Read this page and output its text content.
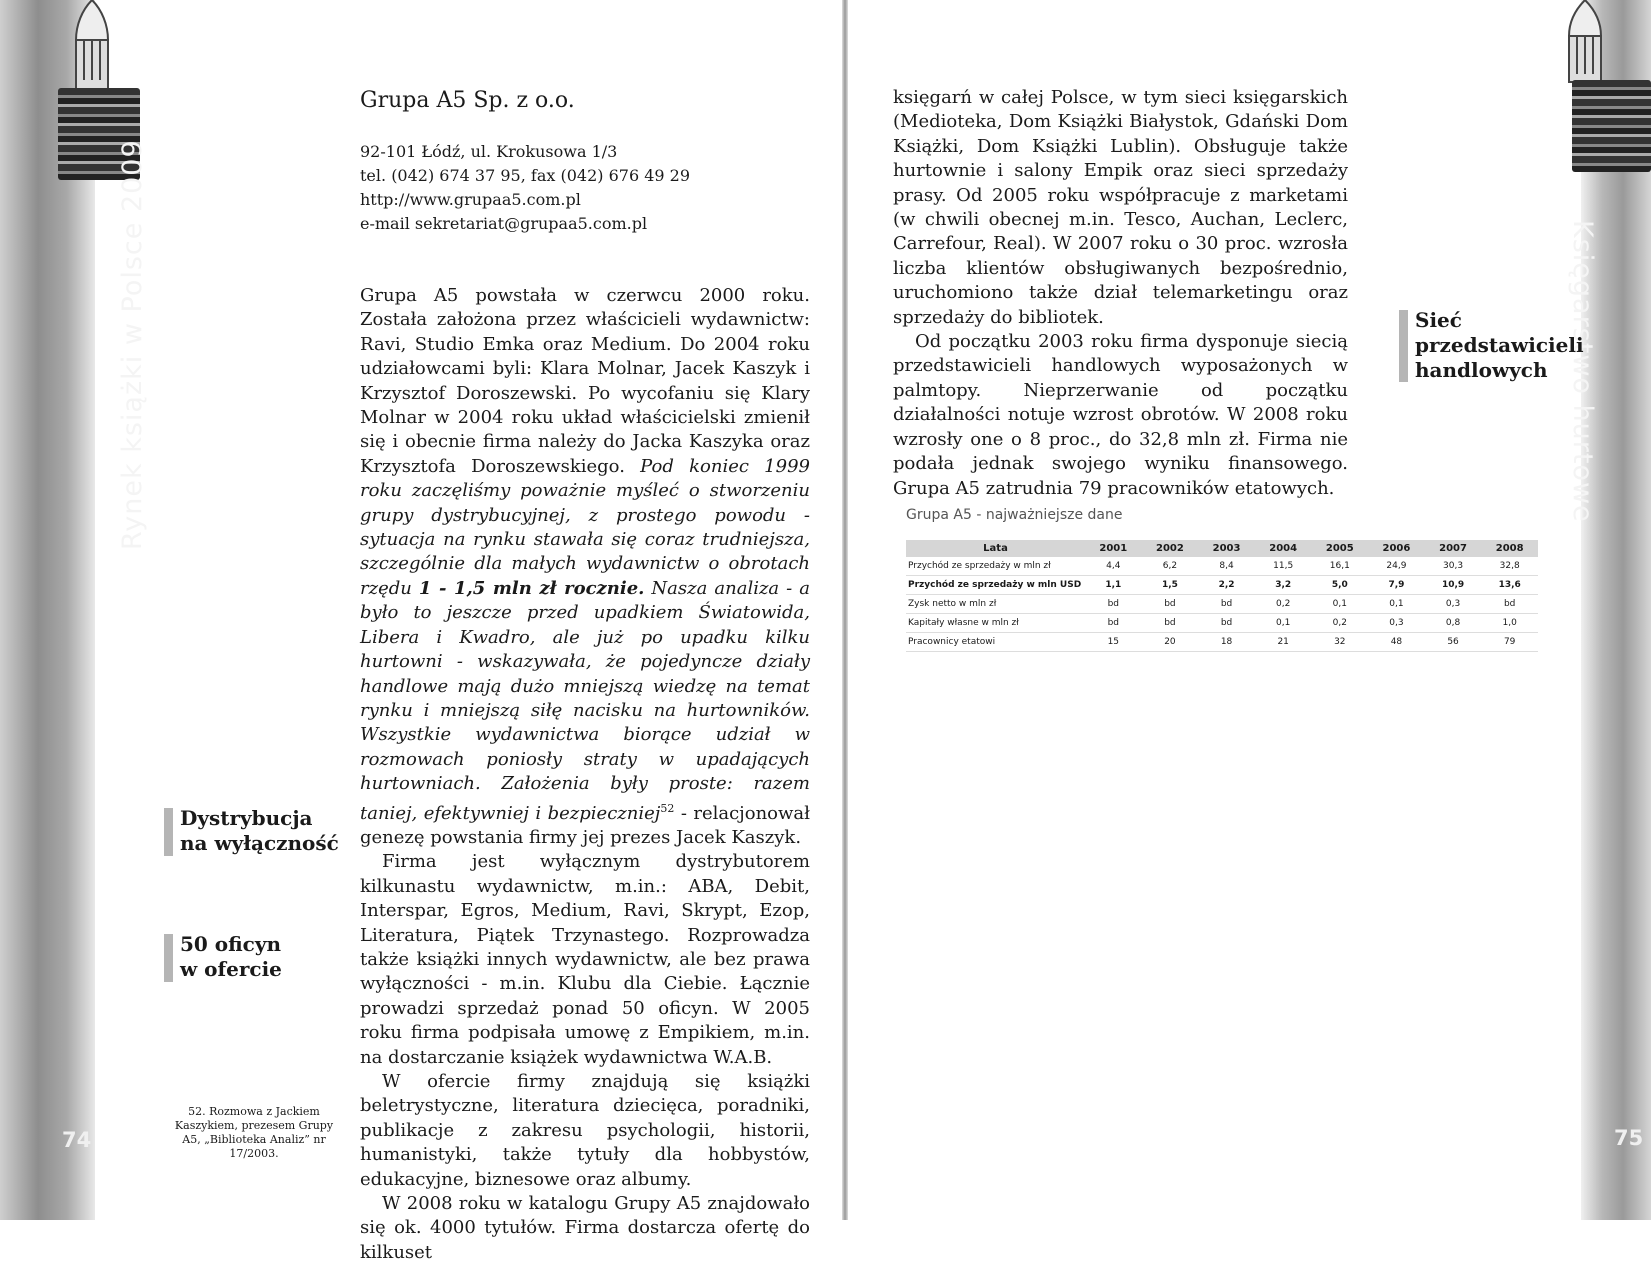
Rynek książki w Polsce 2009	Księgarstwo hurtowe
74	75
Grupa A5 Sp. z o.o.
92-101 Łódź, ul. Krokusowa 1/3
tel. (042) 674 37 95, fax (042) 676 49 29
http://www.grupaa5.com.pl
e-mail sekretariat@grupaa5.com.pl

Grupa A5 powstała w czerwcu 2000 roku. Została założona przez właścicieli wydawnictw: Ravi, Studio Emka oraz Medium. Do 2004 roku udziałowcami byli: Klara Molnar, Jacek Kaszyk i Krzysztof Doroszewski. Po wycofaniu się Klary Molnar w 2004 roku układ właścicielski zmienił się i obecnie firma należy do Jacka Kaszyka oraz Krzysztofa Doroszewskiego. Pod koniec 1999 roku zaczęliśmy poważnie myśleć o stworzeniu grupy dystrybucyjnej, z prostego powodu - sytuacja na rynku stawała się coraz trudniejsza, szczególnie dla małych wydawnictw o obrotach rzędu 1 - 1,5 mln zł rocznie. Nasza analiza - a było to jeszcze przed upadkiem Światowida, Libera i Kwadro, ale już po upadku kilku hurtowni - wskazywała, że pojedyncze działy handlowe mają dużo mniejszą wiedzę na temat rynku i mniejszą siłę nacisku na hurtowników. Wszystkie wydawnictwa biorące udział w rozmowach poniosły straty w upadających hurtowniach. Założenia były proste: razem taniej, efektywniej i bezpieczniej$^{52}$ - relacjonował genezę powstania firmy jej prezes Jacek Kaszyk.

Firma jest wyłącznym dystrybutorem kilkunastu wydawnictw, m.in.: ABA, Debit, Interspar, Egros, Medium, Ravi, Skrypt, Ezop, Literatura, Piątek Trzynastego. Rozprowadza także książki innych wydawnictw, ale bez prawa wyłączności - m.in. Klubu dla Ciebie. Łącznie prowadzi sprzedaż ponad 50 oficyn. W 2005 roku firma podpisała umowę z Empikiem, m.in. na dostarczanie książek wydawnictwa W.A.B.

W ofercie firmy znajdują się książki beletrystyczne, literatura dziecięca, poradniki, publikacje z zakresu psychologii, historii, humanistyki, także tytuły dla hobbystów, edukacyjne, biznesowe oraz albumy.

W 2008 roku w katalogu Grupy A5 znajdowało się ok. 4000 tytułów. Firma dostarcza ofertę do kilkuset

Dystrybucja
na wyłączność
50 oficyn
w ofercie
52. Rozmowa z Jackiem Kaszykiem, prezesem Grupy A5, „Biblioteka Analiz” nr 17/2003.

księgarń w całej Polsce, w tym sieci księgarskich (Medioteka, Dom Książki Białystok, Gdański Dom Książki, Dom Książki Lublin). Obsługuje także hurtownie i salony Empik oraz sieci sprzedaży prasy. Od 2005 roku współpracuje z marketami (w chwili obecnej m.in. Tesco, Auchan, Leclerc, Carrefour, Real). W 2007 roku o 30 proc. wzrosła liczba klientów obsługiwanych bezpośrednio, uruchomiono także dział telemarketingu oraz sprzedaży do bibliotek.

Od początku 2003 roku firma dysponuje siecią przedstawicieli handlowych wyposażonych w palmtopy. Nieprzerwanie od początku działalności notuje wzrost obrotów. W 2008 roku wzrosły one o 8 proc., do 32,8 mln zł. Firma nie podała jednak swojego wyniku finansowego. Grupa A5 zatrudnia 79 pracowników etatowych.

Sieć
przedstawicieli
handlowych
Grupa A5 - najważniejsze dane
Lata	2001	2002	2003	2004	2005	2006	2007	2008
Przychód ze sprzedaży w mln zł	4,4	6,2	8,4	11,5	16,1	24,9	30,3	32,8
Przychód ze sprzedaży w mln USD	1,1	1,5	2,2	3,2	5,0	7,9	10,9	13,6
Zysk netto w mln zł	bd	bd	bd	0,2	0,1	0,1	0,3	bd
Kapitały własne w mln zł	bd	bd	bd	0,1	0,2	0,3	0,8	1,0
Pracownicy etatowi	15	20	18	21	32	48	56	79
